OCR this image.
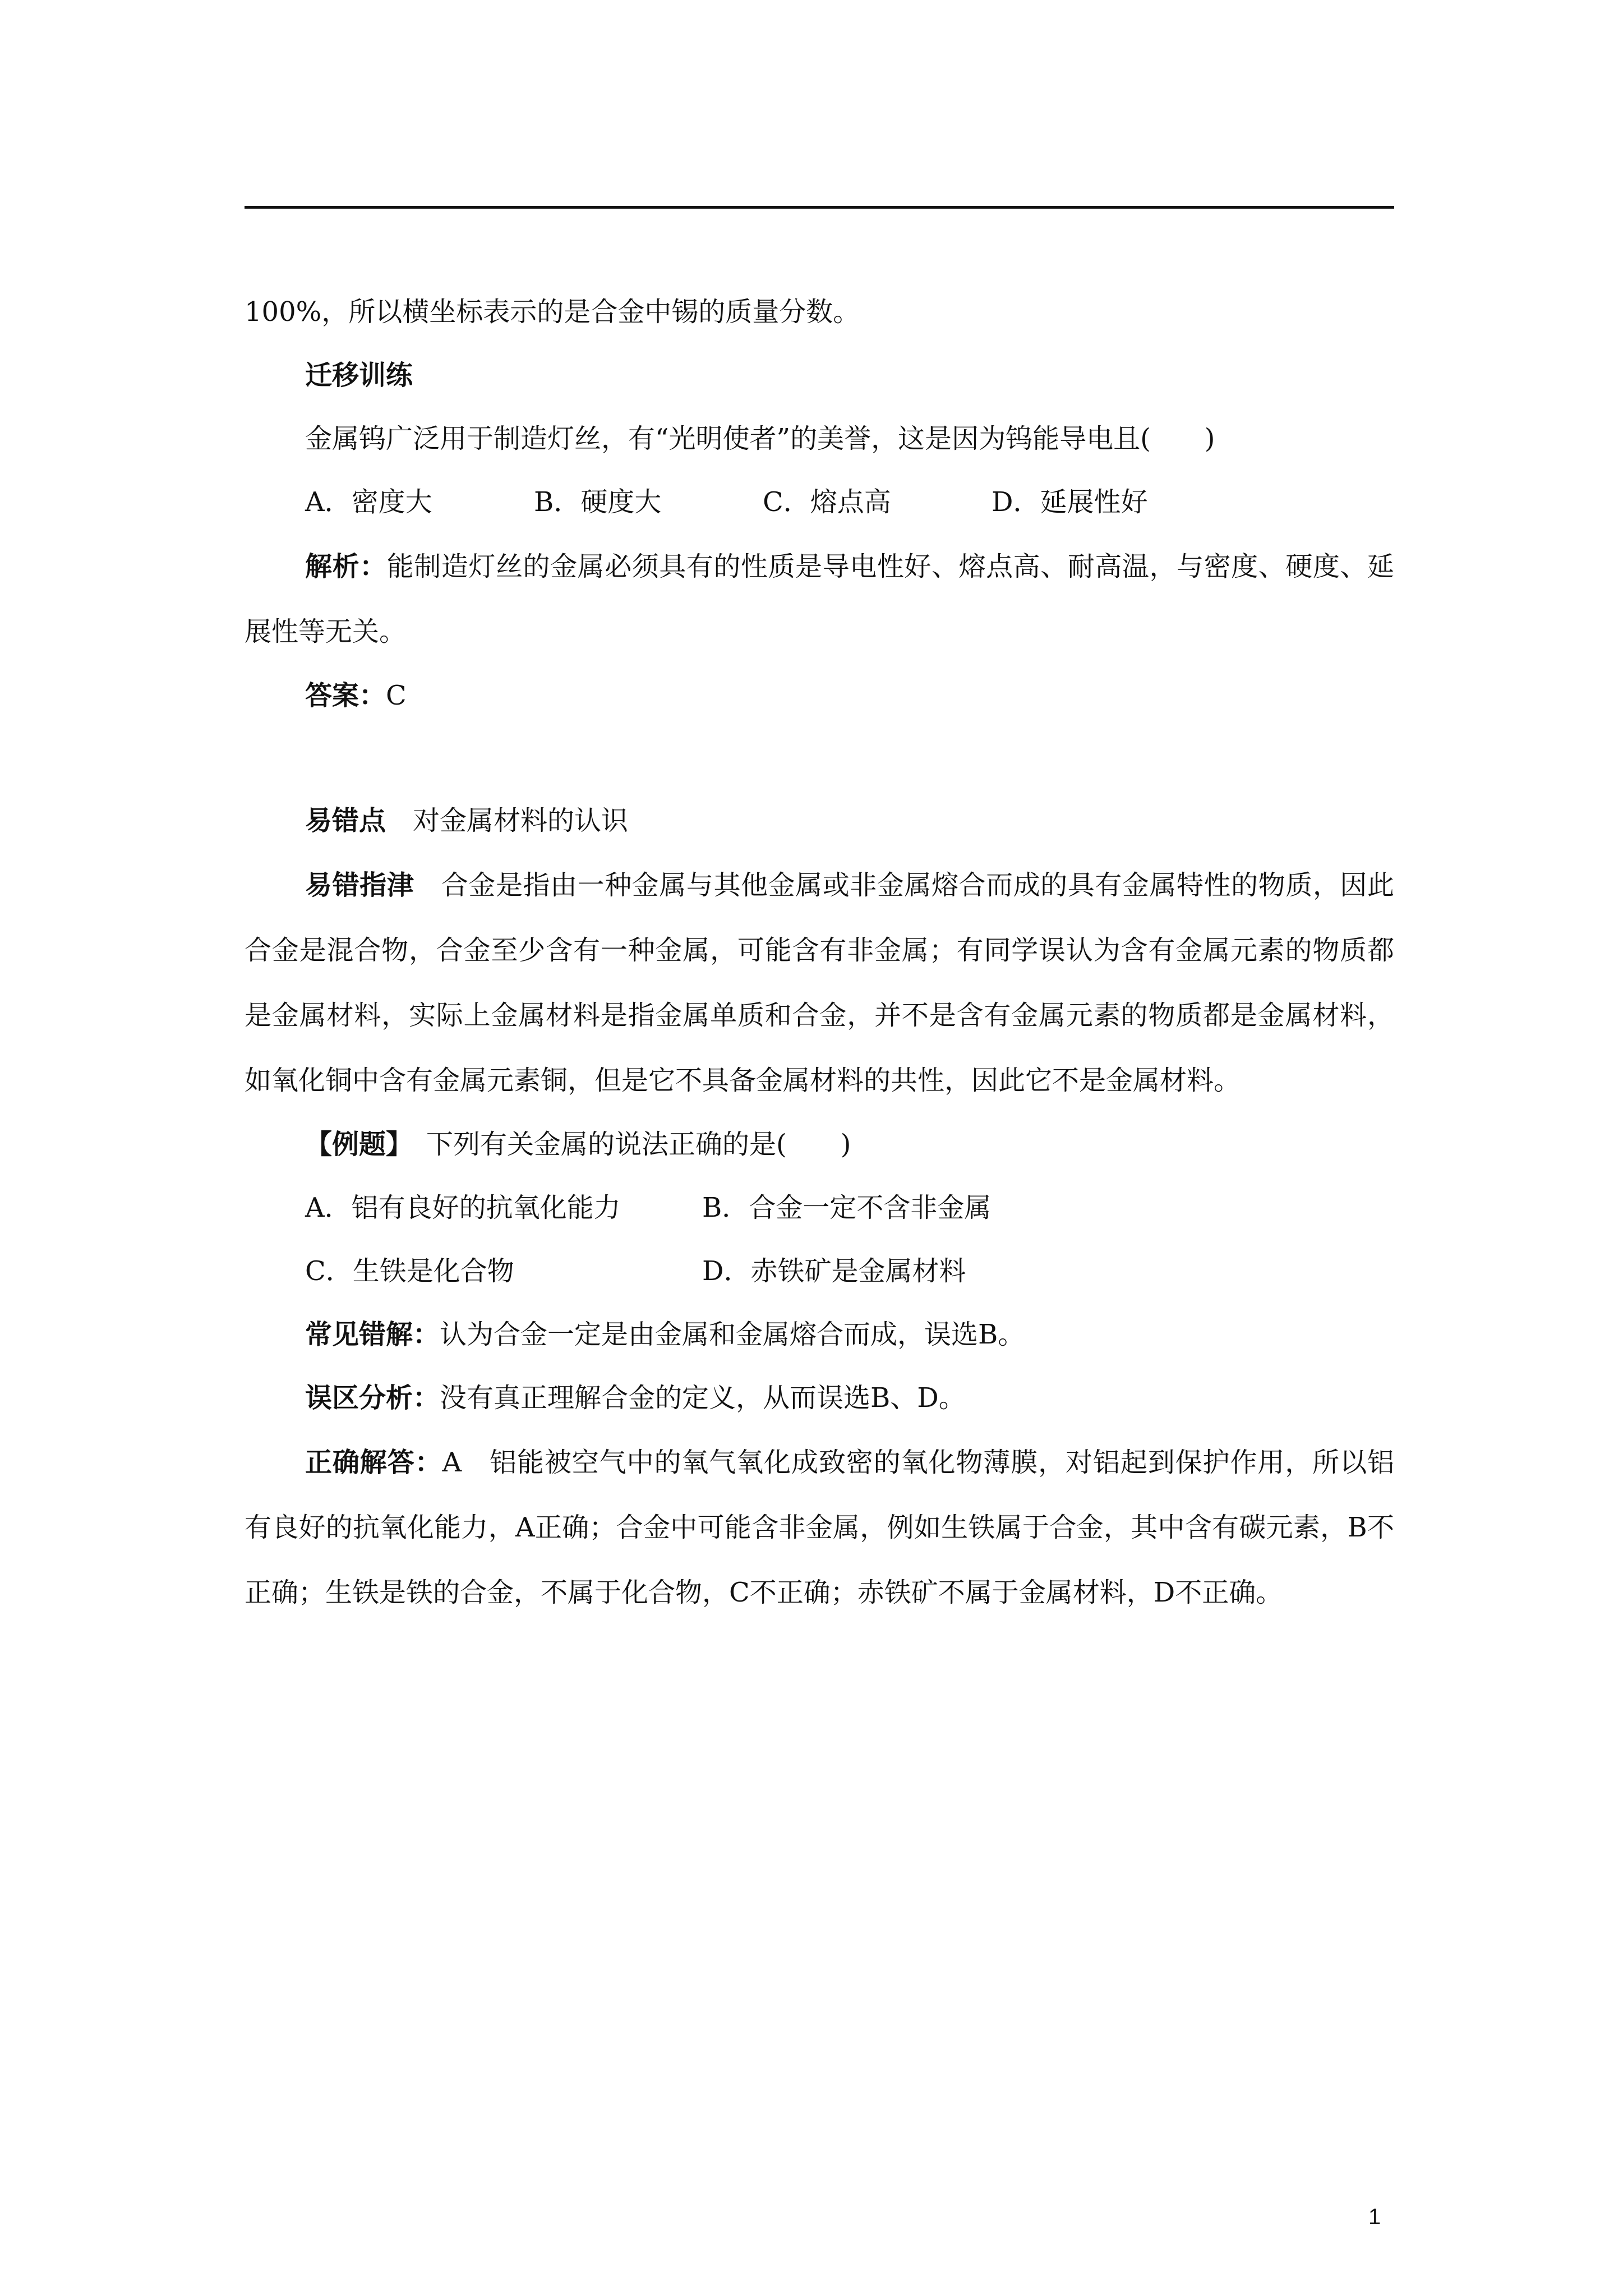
100%，所以横坐标表示的是合金中锡的质量分数。
迁移训练
金属钨广泛用于制造灯丝，有“光明使者”的美誉，这是因为钨能导电且(　　)
A．密度大	B．硬度大	C．熔点高	D．延展性好
解析：能制造灯丝的金属必须具有的性质是导电性好、熔点高、耐高温，与密度、硬度、延展性等无关。
答案：C
易错点　 对金属材料的认识
易错指津　 合金是指由一种金属与其他金属或非金属熔合而成的具有金属特性的物质，因此合金是混合物，合金至少含有一种金属，可能含有非金属；有同学误认为含有金属元素的物质都是金属材料，实际上金属材料是指金属单质和合金，并不是含有金属元素的物质都是金属材料，如氧化铜中含有金属元素铜，但是它不具备金属材料的共性，因此它不是金属材料。
【例题】　 下列有关金属的说法正确的是(　　)
A．铝有良好的抗氧化能力	B．合金一定不含非金属
C．生铁是化合物	D．赤铁矿是金属材料
常见错解：认为合金一定是由金属和金属熔合而成，误选B。
误区分析：没有真正理解合金的定义，从而误选B、D。
正确解答：A　铝能被空气中的氧气氧化成致密的氧化物薄膜，对铝起到保护作用，所以铝有良好的抗氧化能力，A正确；合金中可能含非金属，例如生铁属于合金，其中含有碳元素，B不正确；生铁是铁的合金，不属于化合物，C不正确；赤铁矿不属于金属材料，D不正确。
1
